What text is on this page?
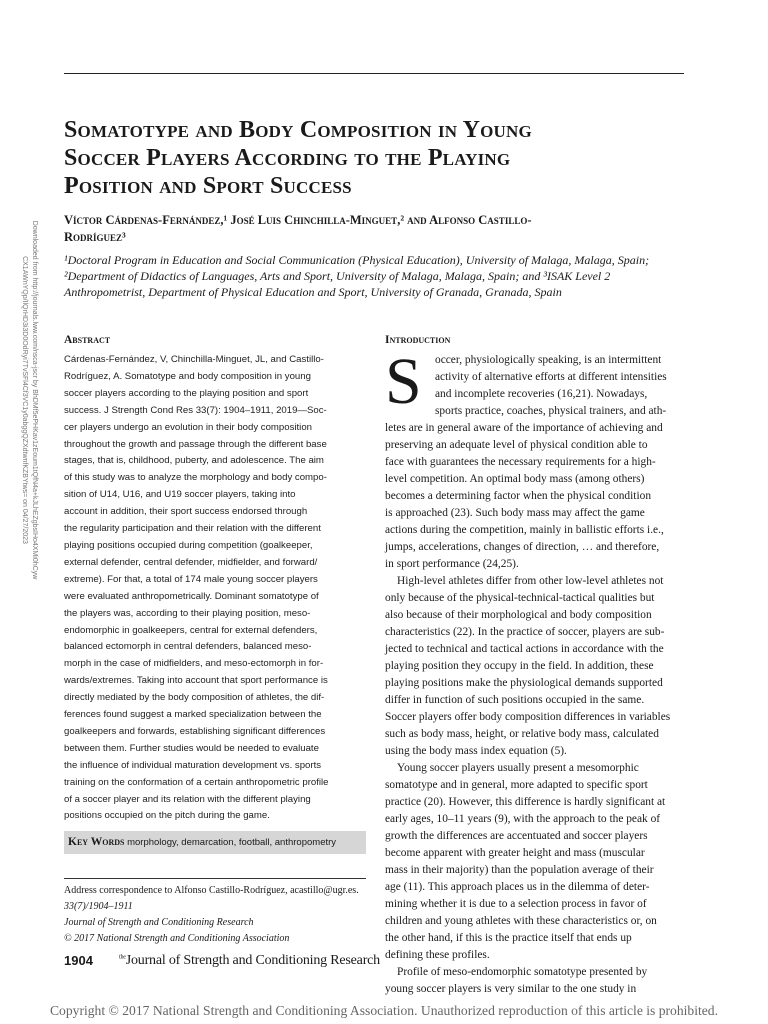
Somatotype and Body Composition in Young
Soccer Players According to the Playing
Position and Sport Success
Víctor Cárdenas-Fernández,¹ José Luis Chinchilla-Minguet,² and Alfonso Castillo-
Rodríguez³
¹Doctoral Program in Education and Social Communication (Physical Education), University of Malaga, Malaga, Spain;
²Department of Didactics of Languages, Arts and Sport, University of Malaga, Malaga, Spain; and ³ISAK Level 2
Anthropometrist, Department of Physical Education and Sport, University of Granada, Granada, Spain
Downloaded from http://journals.lww.com/nsca-jscr by BhDMf5ePHKav1zEoum1tQfN4a+kJLhEZgbsIHo4XMi0hCyw
CX1AWnYQp/IlQrHD3i3D0OdRyi7TvSFl4Cf3VC1y0abggQZXdtwnfKZBYtws= on 04/27/2023	Abstract
Cárdenas-Fernández, V, Chinchilla-Minguet, JL, and Castillo-
Rodríguez, A. Somatotype and body composition in young
soccer players according to the playing position and sport
success. J Strength Cond Res 33(7): 1904–1911, 2019—Soc-
cer players undergo an evolution in their body composition
throughout the growth and passage through the different base
stages, that is, childhood, puberty, and adolescence. The aim
of this study was to analyze the morphology and body compo-
sition of U14, U16, and U19 soccer players, taking into
account in addition, their sport success endorsed through
the regularity participation and their relation with the different
playing positions occupied during competition (goalkeeper,
external defender, central defender, midfielder, and forward/
extreme). For that, a total of 174 male young soccer players
were evaluated anthropometrically. Dominant somatotype of
the players was, according to their playing position, meso-
endomorphic in goalkeepers, central for external defenders,
balanced ectomorph in central defenders, balanced meso-
morph in the case of midfielders, and meso-ectomorph in for-
wards/extremes. Taking into account that sport performance is
directly mediated by the body composition of athletes, the dif-
ferences found suggest a marked specialization between the
goalkeepers and forwards, establishing significant differences
between them. Further studies would be needed to evaluate
the influence of individual maturation development vs. sports
training on the conformation of a certain anthropometric profile
of a soccer player and its relation with the different playing
positions occupied on the pitch during the game.
Key Words morphology, demarcation, football, anthropometry
Address correspondence to Alfonso Castillo-Rodríguez, acastillo@ugr.es.
33(7)/1904–1911
Journal of Strength and Conditioning Research
© 2017 National Strength and Conditioning Association
Introduction
S	occer, physiologically speaking, is an intermittent
activity of alternative efforts at different intensities
and incomplete recoveries (16,21). Nowadays,
sports practice, coaches, physical trainers, and ath-
letes are in general aware of the importance of achieving and
preserving an adequate level of physical condition able to
face with guarantees the necessary requirements for a high-
level competition. An optimal body mass (among others)
becomes a determining factor when the physical condition
is approached (23). Such body mass may affect the game
actions during the competition, mainly in ballistic efforts i.e.,
jumps, accelerations, changes of direction, … and therefore,
in sport performance (24,25).
High-level athletes differ from other low-level athletes not
only because of the physical-technical-tactical qualities but
also because of their morphological and body composition
characteristics (22). In the practice of soccer, players are sub-
jected to technical and tactical actions in accordance with the
playing position they occupy in the field. In addition, these
playing positions make the physiological demands supported
differ in function of such positions occupied in the same.
Soccer players offer body composition differences in variables
such as body mass, height, or relative body mass, calculated
using the body mass index equation (5).
Young soccer players usually present a mesomorphic
somatotype and in general, more adapted to specific sport
practice (20). However, this difference is hardly significant at
early ages, 10–11 years (9), with the approach to the peak of
growth the differences are accentuated and soccer players
become apparent with greater height and mass (muscular
mass in their majority) than the population average of their
age (11). This approach places us in the dilemma of deter-
mining whether it is due to a selection process in favor of
children and young athletes with these characteristics or, on
the other hand, if this is the practice itself that ends up
defining these profiles.
Profile of meso-endomorphic somatotype presented by
young soccer players is very similar to the one study in
1904	$^{the}$Journal of Strength and Conditioning Research
Copyright © 2017 National Strength and Conditioning Association. Unauthorized reproduction of this article is prohibited.
